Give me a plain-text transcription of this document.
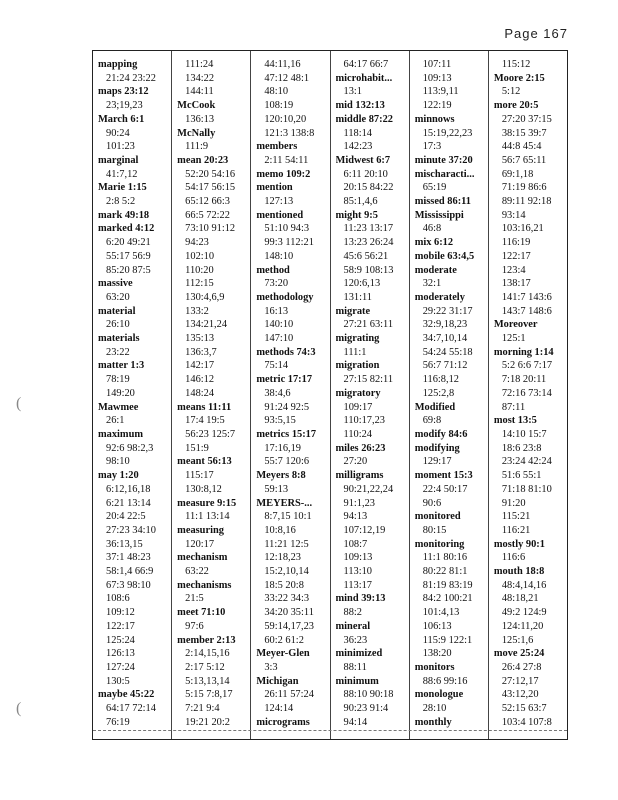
Page 167
(
(
mapping
21:24 23:22
maps 23:12
23;19,23
March 6:1
90:24
101:23
marginal
41:7,12
Marie 1:15
2:8 5:2
mark 49:18
marked 4:12
6:20 49:21
55:17 56:9
85:20 87:5
massive
63:20
material
26:10
materials
23:22
matter 1:3
78:19
149:20
Mawmee
26:1
maximum
92:6 98:2,3
98:10
may 1:20
6:12,16,18
6:21 13:14
20:4 22:5
27:23 34:10
36:13,15
37:1 48:23
58:1,4 66:9
67:3 98:10
108:6
109:12
122:17
125:24
126:13
127:24
130:5
maybe 45:22
64:17 72:14
76:19
111:24
134:22
144:11
McCook
136:13
McNally
111:9
mean 20:23
52:20 54:16
54:17 56:15
65:12 66:3
66:5 72:22
73:10 91:12
94:23
102:10
110:20
112:15
130:4,6,9
133:2
134:21,24
135:13
136:3,7
142:17
146:12
148:24
means 11:11
17:4 19:5
56:23 125:7
151:9
meant 56:13
115:17
130:8,12
measure 9:15
11:1 13:14
measuring
120:17
mechanism
63:22
mechanisms
21:5
meet 71:10
97:6
member 2:13
2:14,15,16
2:17 5:12
5:13,13,14
5:15 7:8,17
7:21 9:4
19:21 20:2
44:11,16
47:12 48:1
48:10
108:19
120:10,20
121:3 138:8
members
2:11 54:11
memo 109:2
mention
127:13
mentioned
51:10 94:3
99:3 112:21
148:10
method
73:20
methodology
16:13
140:10
147:10
methods 74:3
75:14
metric 17:17
38:4,6
91:24 92:5
93:5,15
metrics 15:17
17:16,19
55:7 120:6
Meyers 8:8
59:13
MEYERS-...
8:7,15 10:1
10:8,16
11:21 12:5
12:18,23
15:2,10,14
18:5 20:8
33:22 34:3
34:20 35:11
59:14,17,23
60:2 61:2
Meyer-Glen
3:3
Michigan
26:11 57:24
124:14
micrograms
64:17 66:7
microhabit...
13:1
mid 132:13
middle 87:22
118:14
142:23
Midwest 6:7
6:11 20:10
20:15 84:22
85:1,4,6
might 9:5
11:23 13:17
13:23 26:24
45:6 56:21
58:9 108:13
120:6,13
131:11
migrate
27:21 63:11
migrating
111:1
migration
27:15 82:11
migratory
109:17
110:17,23
110:24
miles 26:23
27:20
milligrams
90:21,22,24
91:1,23
94:13
107:12,19
108:7
109:13
113:10
113:17
mind 39:13
88:2
mineral
36:23
minimized
88:11
minimum
88:10 90:18
90:23 91:4
94:14
107:11
109:13
113:9,11
122:19
minnows
15:19,22,23
17:3
minute 37:20
mischaracti...
65:19
missed 86:11
Mississippi
46:8
mix 6:12
mobile 63:4,5
moderate
32:1
moderately
29:22 31:17
32:9,18,23
34:7,10,14
54:24 55:18
56:7 71:12
116:8,12
125:2,8
Modified
69:8
modify 84:6
modifying
129:17
moment 15:3
22:4 50:17
90:6
monitored
80:15
monitoring
11:1 80:16
80:22 81:1
81:19 83:19
84:2 100:21
101:4,13
106:13
115:9 122:1
138:20
monitors
88:6 99:16
monologue
28:10
monthly
115:12
Moore 2:15
5:12
more 20:5
27:20 37:15
38:15 39:7
44:8 45:4
56:7 65:11
69:1,18
71:19 86:6
89:11 92:18
93:14
103:16,21
116:19
122:17
123:4
138:17
141:7 143:6
143:7 148:6
Moreover
125:1
morning 1:14
5:2 6:6 7:17
7:18 20:11
72:16 73:14
87:11
most 13:5
14:10 15:7
18:6 23:8
23:24 42:24
51:6 55:1
71:18 81:10
91:20
115:21
116:21
mostly 90:1
116:6
mouth 18:8
48:4,14,16
48:18,21
49:2 124:9
124:11,20
125:1,6
move 25:24
26:4 27:8
27:12,17
43:12,20
52:15 63:7
103:4 107:8
